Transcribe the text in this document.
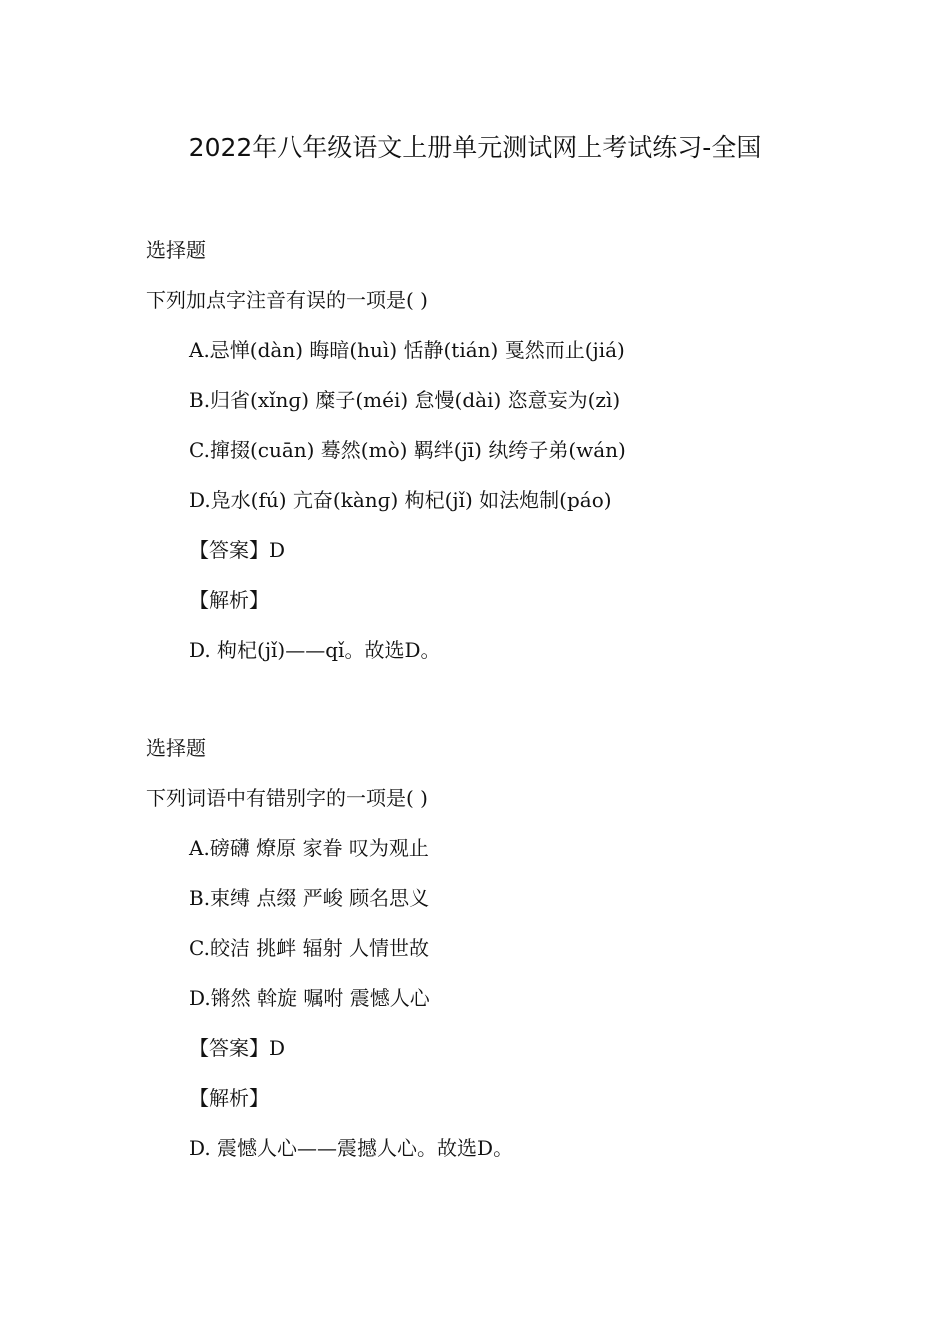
2022年八年级语文上册单元测试网上考试练习-全国
选择题
下列加点字注音有误的一项是( )
A.忌惮(dàn) 晦暗(huì) 恬静(tián) 戛然而止(jiá)
B.归省(xǐnɡ) 糜子(méi) 怠慢(dài) 恣意妄为(zì)
C.撺掇(cuān) 蓦然(mò) 羁绊(jī) 纨绔子弟(wán)
D.凫水(fú) 亢奋(kànɡ) 枸杞(jǐ) 如法炮制(páo)
【答案】D
【解析】
D. 枸杞(jǐ)——qǐ。故选D。
选择题
下列词语中有错别字的一项是( )
A.磅礴 燎原 家眷 叹为观止
B.束缚 点缀 严峻 顾名思义
C.皎洁 挑衅 辐射 人情世故
D.锵然 斡旋 嘱咐 震憾人心
【答案】D
【解析】
D. 震憾人心——震撼人心。故选D。
